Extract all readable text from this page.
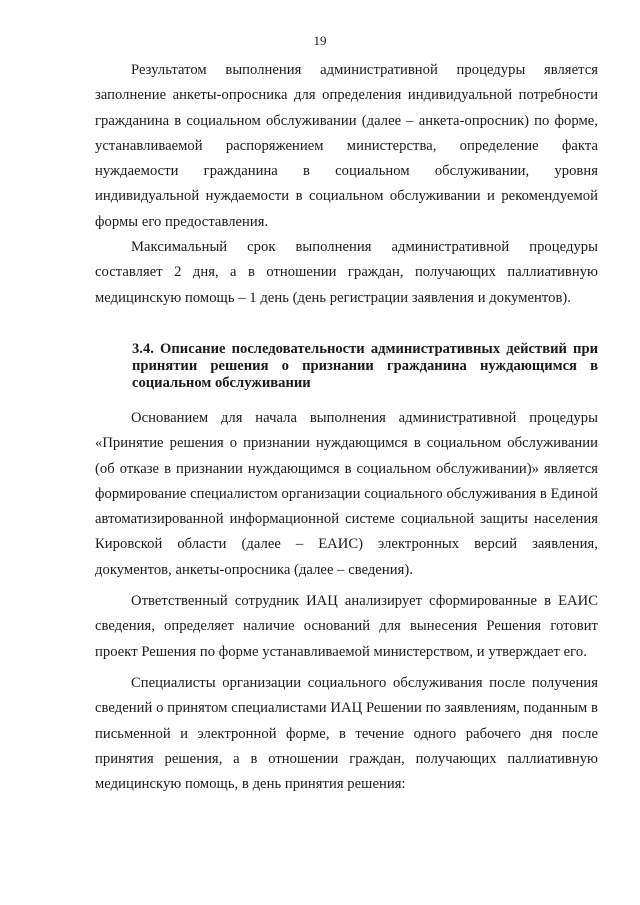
19

Результатом выполнения административной процедуры является заполнение анкеты-опросника для определения индивидуальной потребности гражданина в социальном обслуживании (далее – анкета-опросник) по форме, устанавливаемой распоряжением министерства, определение факта нуждаемости гражданина в социальном обслуживании, уровня индивидуальной нуждаемости в социальном обслуживании и рекомендуемой формы его предоставления.

Максимальный срок выполнения административной процедуры составляет 2 дня, а в отношении граждан, получающих паллиативную медицинскую помощь – 1 день (день регистрации заявления и документов).

3.4. Описание последовательности административных действий при принятии решения о признании гражданина нуждающимся в социальном обслуживании

Основанием для начала выполнения административной процедуры «Принятие решения о признании нуждающимся в социальном обслуживании (об отказе в признании нуждающимся в социальном обслуживании)» является формирование специалистом организации социального обслуживания в Единой автоматизированной информационной системе социальной защиты населения Кировской области (далее – ЕАИС) электронных версий заявления, документов, анкеты-опросника (далее – сведения).

Ответственный сотрудник ИАЦ анализирует сформированные в ЕАИС сведения, определяет наличие оснований для вынесения Решения готовит проект Решения по форме устанавливаемой министерством, и утверждает его.

Специалисты организации социального обслуживания после получения сведений о принятом специалистами ИАЦ Решении по заявлениям, поданным в письменной и электронной форме, в течение одного рабочего дня после принятия решения, а в отношении граждан, получающих паллиативную медицинскую помощь, в день принятия решения:
